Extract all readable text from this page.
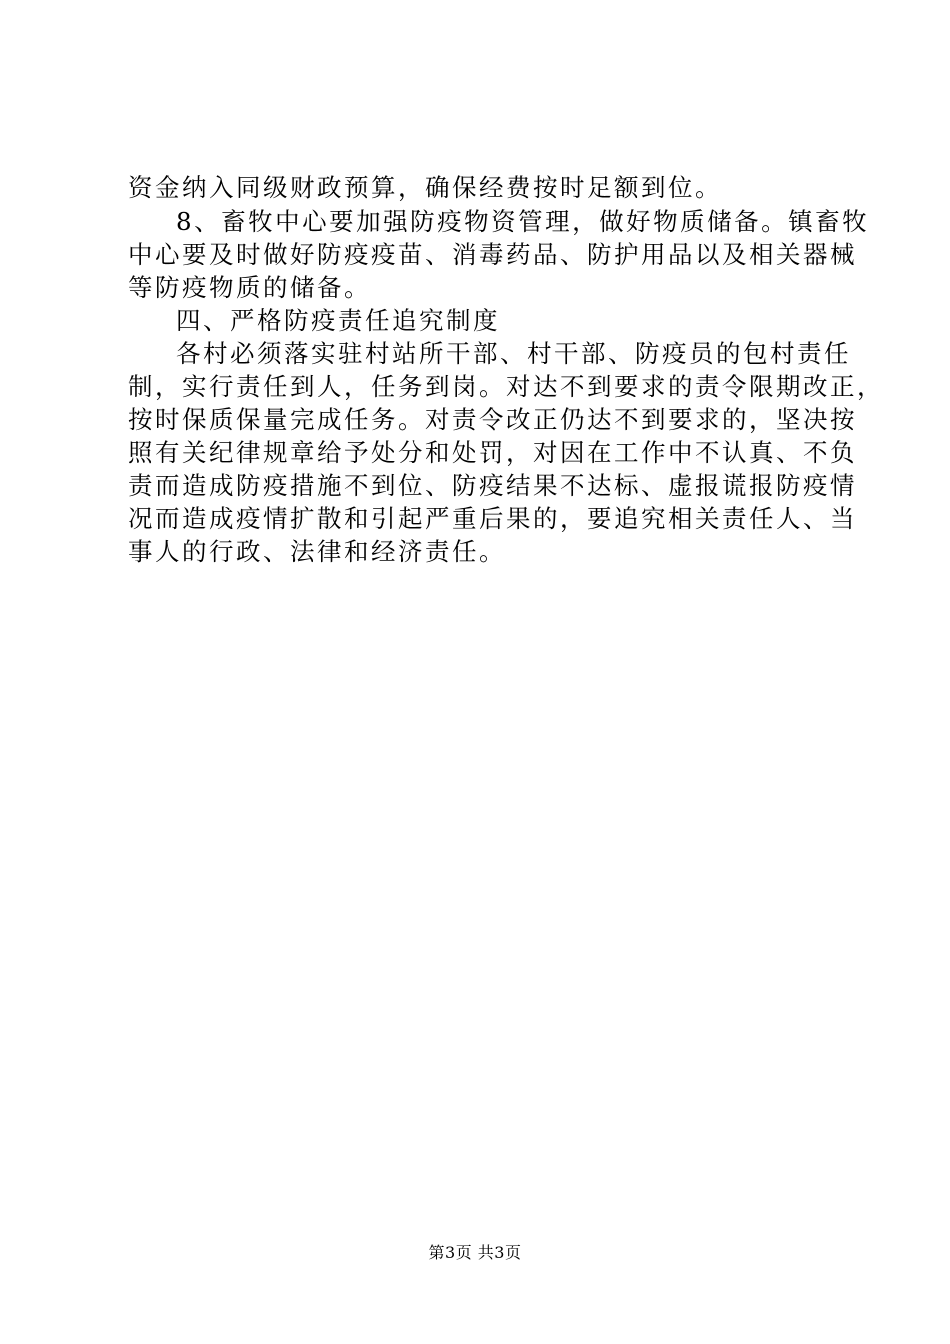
资金纳入同级财政预算，确保经费按时足额到位。
8、畜牧中心要加强防疫物资管理，做好物质储备。镇畜牧
中心要及时做好防疫疫苗、消毒药品、防护用品以及相关器械
等防疫物质的储备。
四、严格防疫责任追究制度
各村必须落实驻村站所干部、村干部、防疫员的包村责任
制，实行责任到人，任务到岗。对达不到要求的责令限期改正，
按时保质保量完成任务。对责令改正仍达不到要求的，坚决按
照有关纪律规章给予处分和处罚，对因在工作中不认真、不负
责而造成防疫措施不到位、防疫结果不达标、虚报谎报防疫情
况而造成疫情扩散和引起严重后果的，要追究相关责任人、当
事人的行政、法律和经济责任。
第3页 共3页
